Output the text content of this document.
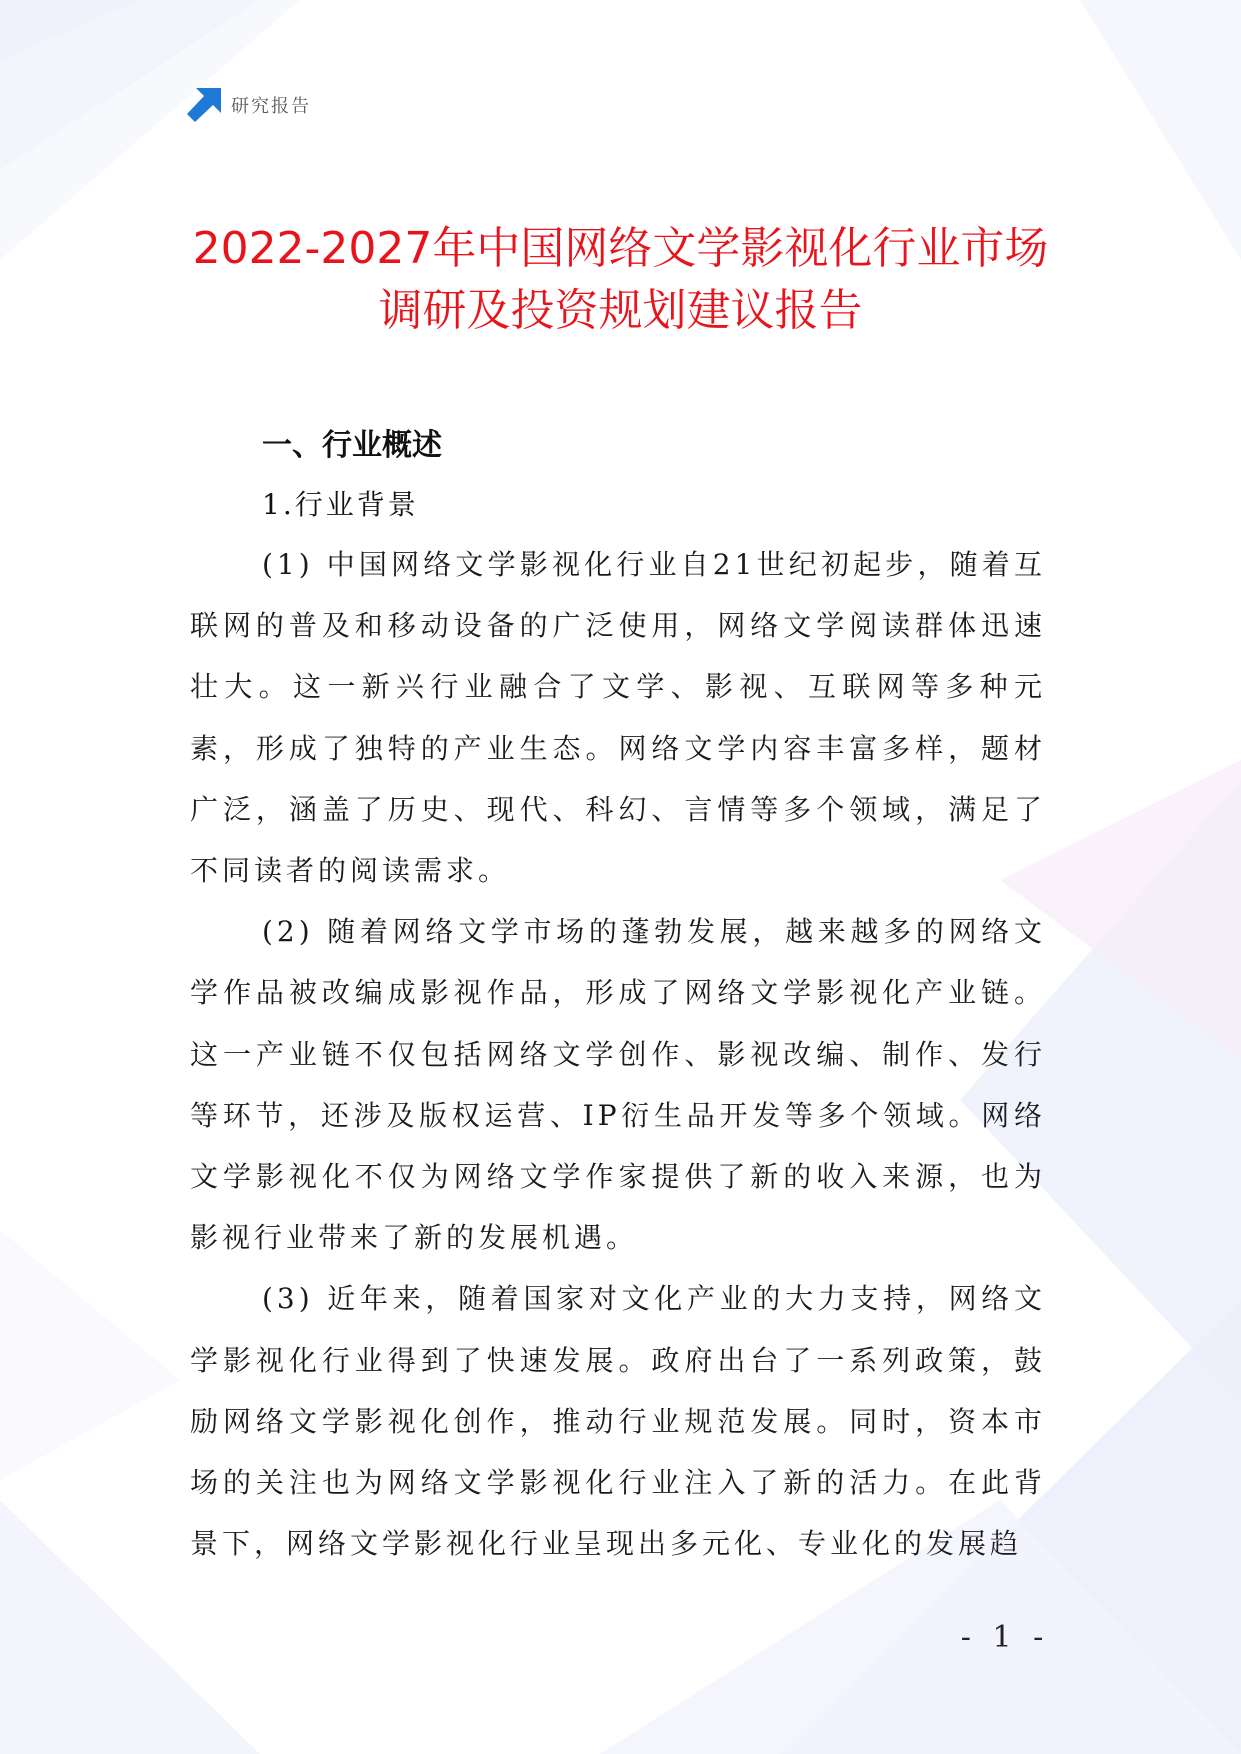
研究报告
2022-2027年中国网络文学影视化行业市场
调研及投资规划建议报告
一、行业概述
1.行业背景

(1) 中国网络文学影视化行业自21世纪初起步，随着互联网的普及和移动设备的广泛使用，网络文学阅读群体迅速壮大。这一新兴行业融合了文学、影视、互联网等多种元素，形成了独特的产业生态。网络文学内容丰富多样，题材广泛，涵盖了历史、现代、科幻、言情等多个领域，满足了不同读者的阅读需求。

(2) 随着网络文学市场的蓬勃发展，越来越多的网络文学作品被改编成影视作品，形成了网络文学影视化产业链。这一产业链不仅包括网络文学创作、影视改编、制作、发行等环节，还涉及版权运营、IP衍生品开发等多个领域。网络文学影视化不仅为网络文学作家提供了新的收入来源，也为影视行业带来了新的发展机遇。

(3) 近年来，随着国家对文化产业的大力支持，网络文学影视化行业得到了快速发展。政府出台了一系列政策，鼓励网络文学影视化创作，推动行业规范发展。同时，资本市场的关注也为网络文学影视化行业注入了新的活力。在此背景下，网络文学影视化行业呈现出多元化、专业化的发展趋

- 1 -
